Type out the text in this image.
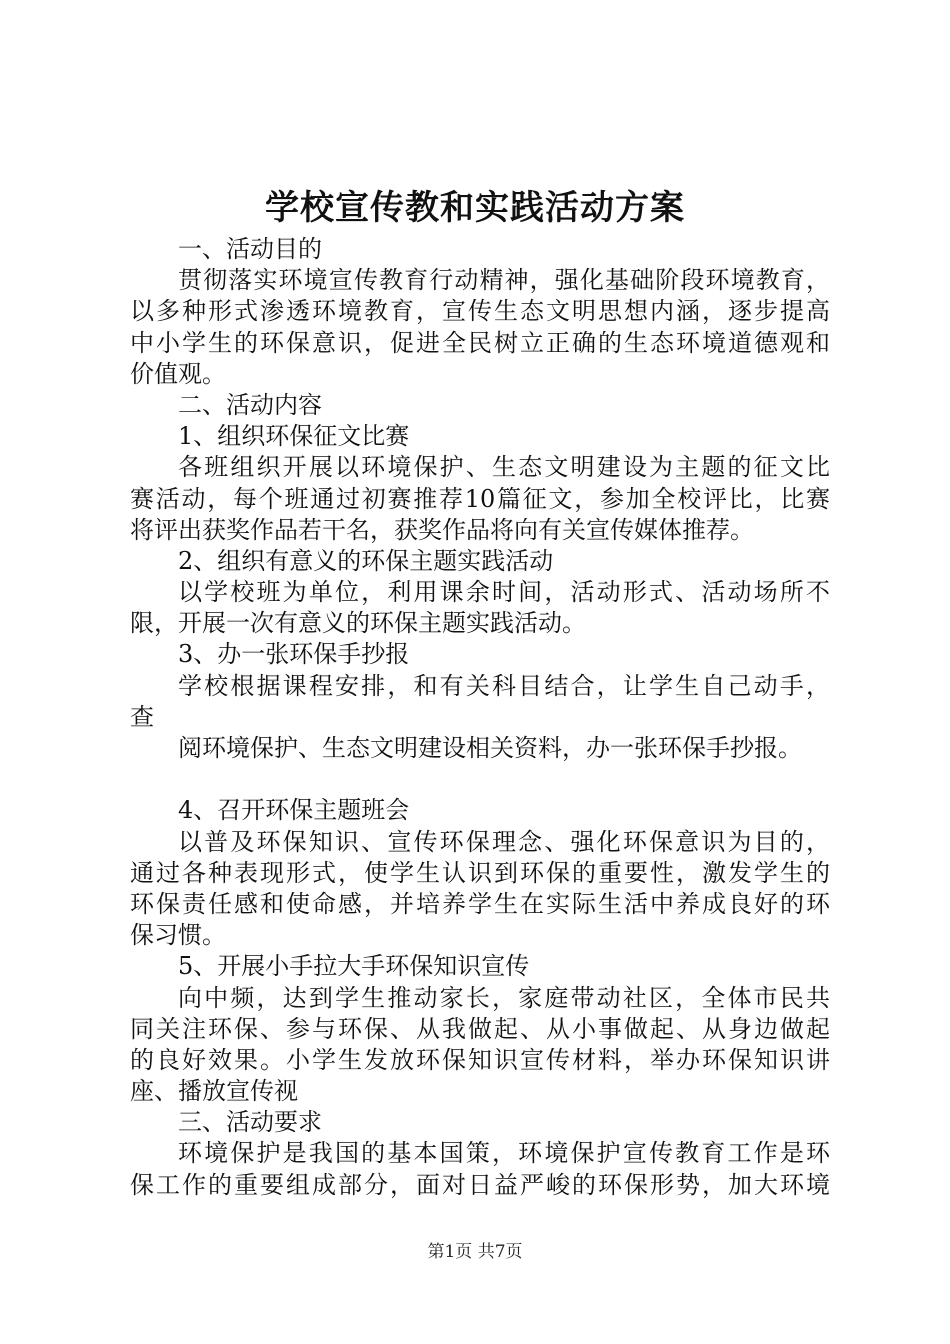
学校宣传教和实践活动方案
一、活动目的
贯彻落实环境宣传教育行动精神，强化基础阶段环境教育，
以多种形式渗透环境教育，宣传生态文明思想内涵，逐步提高
中小学生的环保意识，促进全民树立正确的生态环境道德观和
价值观。
二、活动内容
1、组织环保征文比赛
各班组织开展以环境保护、生态文明建设为主题的征文比
赛活动，每个班通过初赛推荐10篇征文，参加全校评比，比赛
将评出获奖作品若干名，获奖作品将向有关宣传媒体推荐。
2、组织有意义的环保主题实践活动
以学校班为单位，利用课余时间，活动形式、活动场所不
限，开展一次有意义的环保主题实践活动。
3、办一张环保手抄报
学校根据课程安排，和有关科目结合，让学生自己动手，
查
阅环境保护、生态文明建设相关资料，办一张环保手抄报。
4、召开环保主题班会
以普及环保知识、宣传环保理念、强化环保意识为目的，
通过各种表现形式，使学生认识到环保的重要性，激发学生的
环保责任感和使命感，并培养学生在实际生活中养成良好的环
保习惯。
5、开展小手拉大手环保知识宣传
向中频，达到学生推动家长，家庭带动社区，全体市民共
同关注环保、参与环保、从我做起、从小事做起、从身边做起
的良好效果。小学生发放环保知识宣传材料，举办环保知识讲
座、播放宣传视
三、活动要求
环境保护是我国的基本国策，环境保护宣传教育工作是环
保工作的重要组成部分，面对日益严峻的环保形势，加大环境
第1页 共7页
